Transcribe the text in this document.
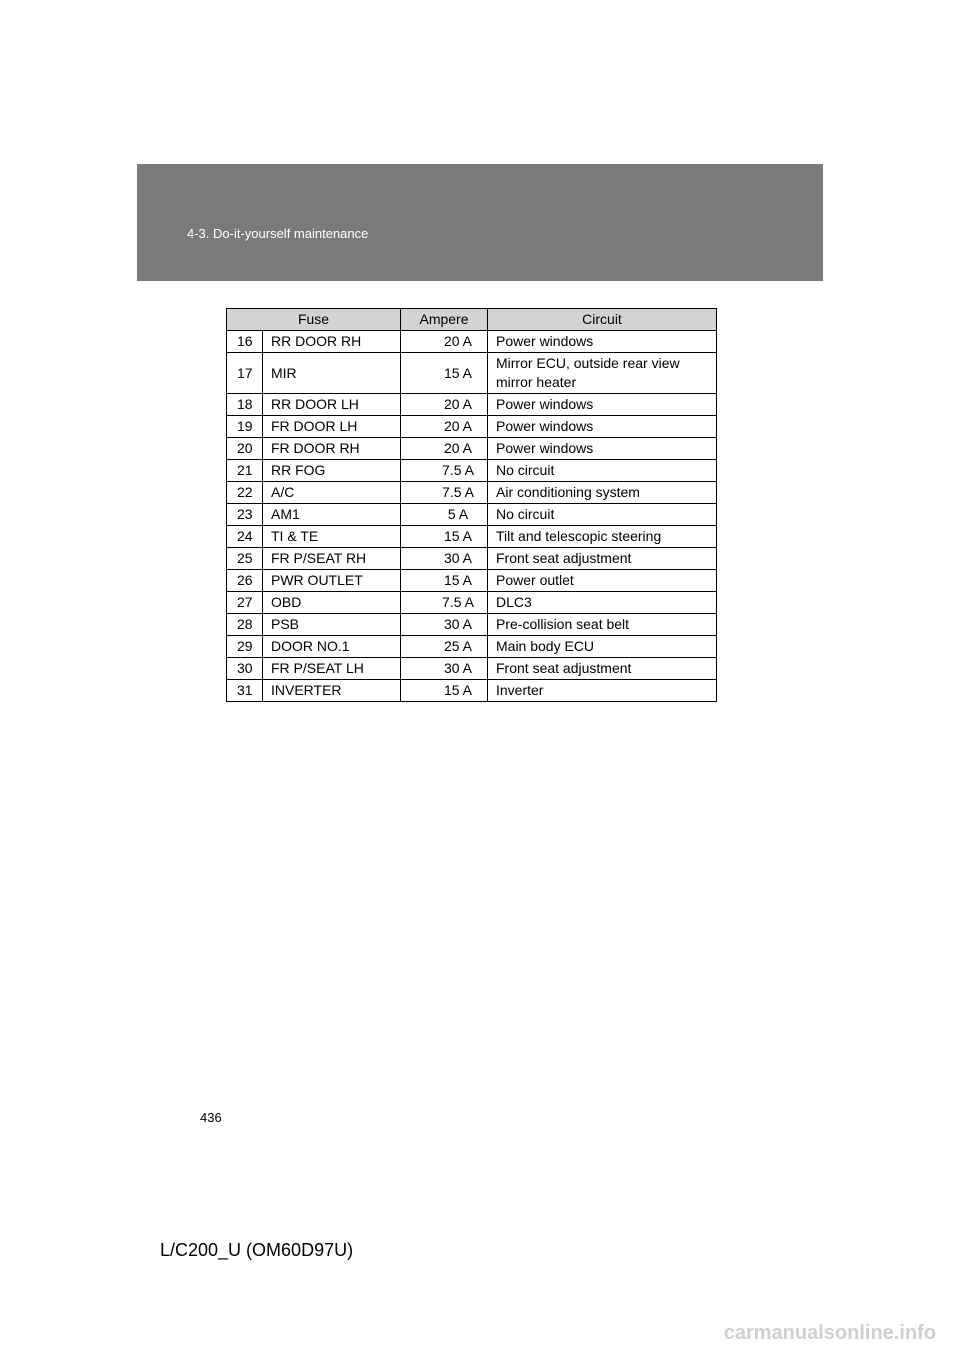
4-3. Do-it-yourself maintenance
Fuse		Ampere	Circuit
16	RR DOOR RH	20 A	Power windows
17	MIR	15 A	Mirror ECU, outside rear view mirror heater
18	RR DOOR LH	20 A	Power windows
19	FR DOOR LH	20 A	Power windows
20	FR DOOR RH	20 A	Power windows
21	RR FOG	7.5 A	No circuit
22	A/C	7.5 A	Air conditioning system
23	AM1	5 A	No circuit
24	TI & TE	15 A	Tilt and telescopic steering
25	FR P/SEAT RH	30 A	Front seat adjustment
26	PWR OUTLET	15 A	Power outlet
27	OBD	7.5 A	DLC3
28	PSB	30 A	Pre-collision seat belt
29	DOOR NO.1	25 A	Main body ECU
30	FR P/SEAT LH	30 A	Front seat adjustment
31	INVERTER	15 A	Inverter
436
L/C200_U (OM60D97U)
carmanualsonline.info
